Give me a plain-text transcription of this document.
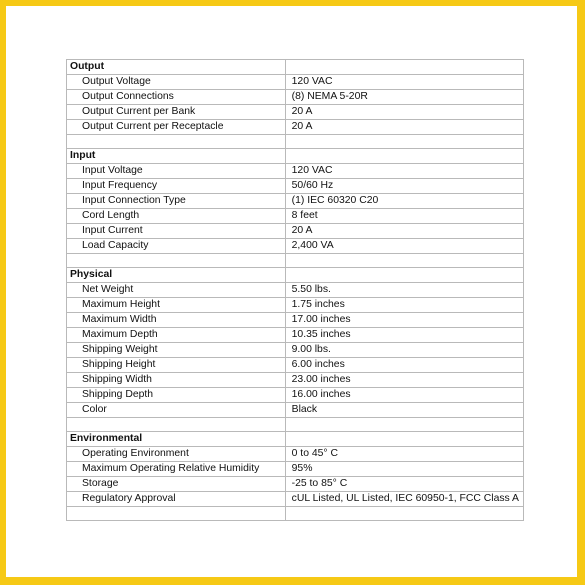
Output	
Output Voltage	120 VAC
Output Connections	(8) NEMA 5-20R
Output Current per Bank	20 A
Output Current per Receptacle	20 A

Input	
Input Voltage	120 VAC
Input Frequency	50/60 Hz
Input Connection Type	(1) IEC 60320 C20
Cord Length	8 feet
Input Current	20 A
Load Capacity	2,400 VA

Physical	
Net Weight	5.50 lbs.
Maximum Height	1.75 inches
Maximum Width	17.00 inches
Maximum Depth	10.35 inches
Shipping Weight	9.00 lbs.
Shipping Height	6.00 inches
Shipping Width	23.00 inches
Shipping Depth	16.00 inches
Color	Black

Environmental	
Operating Environment	0 to 45° C
Maximum Operating Relative Humidity	95%
Storage	-25 to 85° C
Regulatory Approval	cUL Listed, UL Listed, IEC 60950-1, FCC Class A
